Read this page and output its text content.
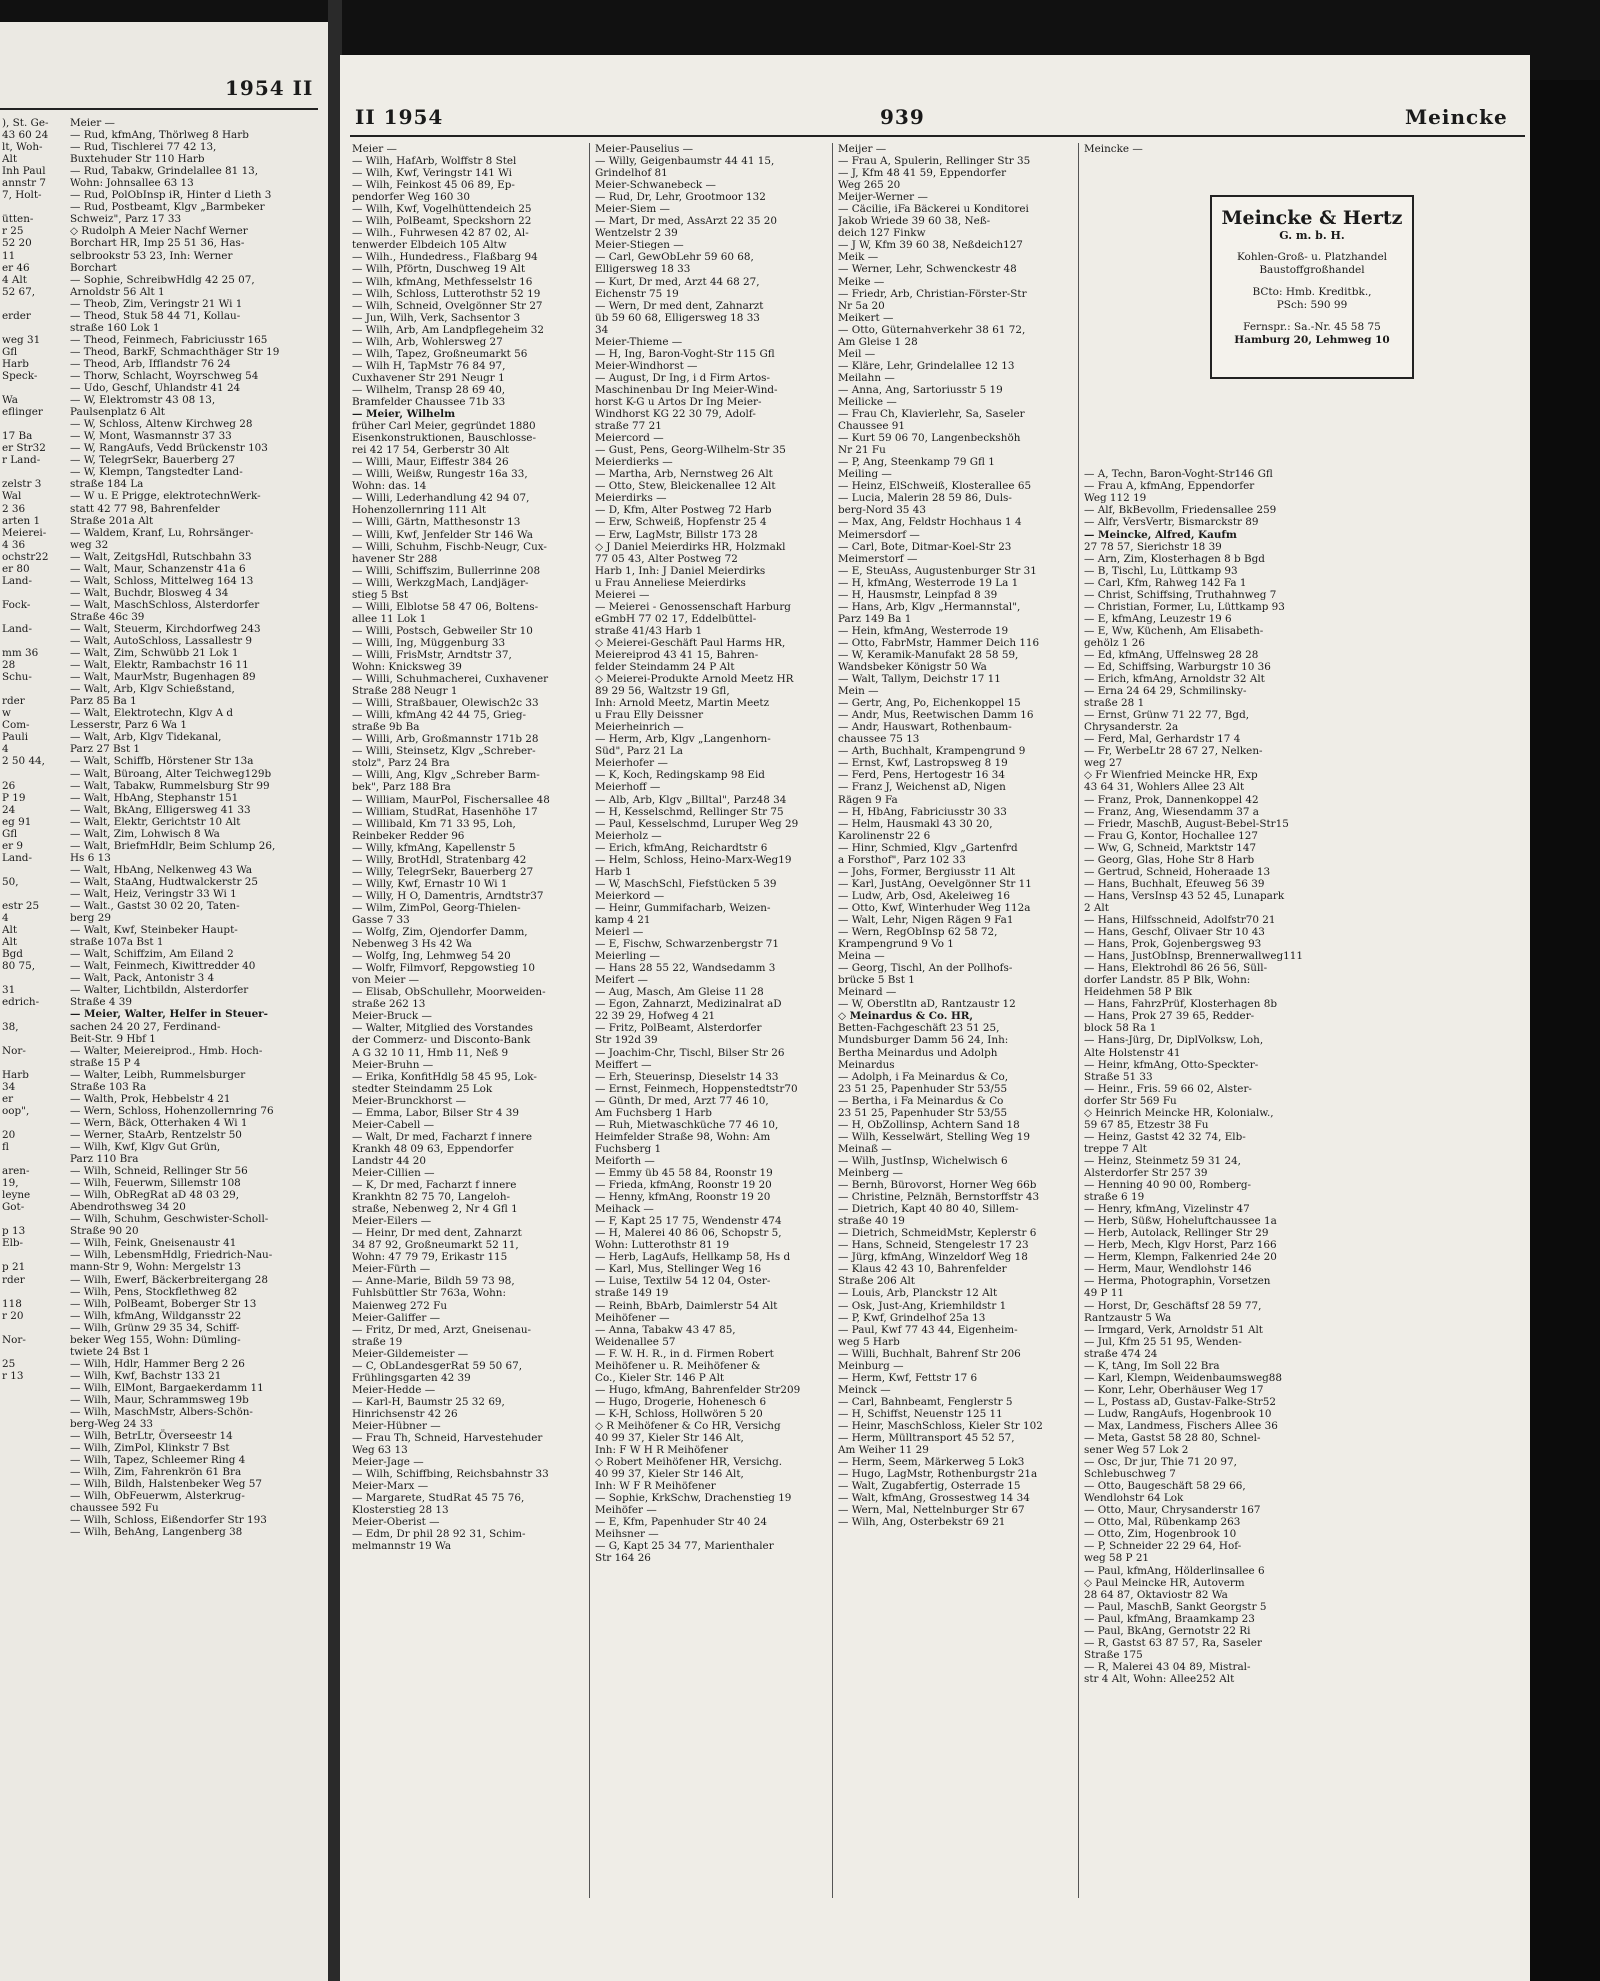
1954 II
), St. Ge-
43 60 24
lt, Woh-
Alt
Inh Paul
annstr 7
7, Holt-
ütten-
r 25
52 20
11
er 46
4 Alt
52 67,
erder
weg 31
Gfl
Harb
Speck-
Wa
eflinger
17 Ba
er Str32
r Land-
zelstr 3
Wal
2 36
arten 1
Meierei-
4 36
ochstr22
er 80
Land-
Fock-
Land-
mm 36
28
Schu-
rder
w
Com-
Pauli
4
2 50 44,
26
P 19
24
eg 91
Gfl
er 9
Land-
50,
estr 25
4
Alt
Alt
Bgd
80 75,
31
edrich-
38,
Nor-
Harb
34
er
oop",
20
fl
aren-
19,
leyne
Got-
p 13
Elb-
p 21
rder
118
r 20
Nor-
25
r 13
Meier —
— Rud, kfmAng, Thörlweg 8 Harb
— Rud, Tischlerei 77 42 13,
Buxtehuder Str 110 Harb
— Rud, Tabakw, Grindelallee 81 13,
Wohn: Johnsallee 63 13
— Rud, PolObInsp iR, Hinter d Lieth 3
— Rud, Postbeamt, Klgv „Barmbeker
Schweiz", Parz 17 33
◇ Rudolph A Meier Nachf Werner
Borchart HR, Imp 25 51 36, Has-
selbrookstr 53 23, Inh: Werner
Borchart
— Sophie, SchreibwHdlg 42 25 07,
Arnoldstr 56 Alt 1
— Theob, Zim, Veringstr 21 Wi 1
— Theod, Stuk 58 44 71, Kollau-
straße 160 Lok 1
— Theod, Feinmech, Fabriciusstr 165
— Theod, BarkF, Schmachthäger Str 19
— Theod, Arb, Ifflandstr 76 24
— Thorw, Schlacht, Woyrschweg 54
— Udo, Geschf, Uhlandstr 41 24
— W, Elektromstr 43 08 13,
Paulsenplatz 6 Alt
— W, Schloss, Altenw Kirchweg 28
— W, Mont, Wasmannstr 37 33
— W, RangAufs, Vedd Brückenstr 103
— W, TelegrSekr, Bauerberg 27
— W, Klempn, Tangstedter Land-
straße 184 La
— W u. E Prigge, elektrotechnWerk-
statt 42 77 98, Bahrenfelder
Straße 201a Alt
— Waldem, Kranf, Lu, Rohrsänger-
weg 32
— Walt, ZeitgsHdl, Rutschbahn 33
— Walt, Maur, Schanzenstr 41a 6
— Walt, Schloss, Mittelweg 164 13
— Walt, Buchdr, Blosweg 4 34
— Walt, MaschSchloss, Alsterdorfer
Straße 46c 39
— Walt, Steuerm, Kirchdorfweg 243
— Walt, AutoSchloss, Lassallestr 9
— Walt, Zim, Schwübb 21 Lok 1
— Walt, Elektr, Rambachstr 16 11
— Walt, MaurMstr, Bugenhagen 89
— Walt, Arb, Klgv Schießstand,
Parz 85 Ba 1
— Walt, Elektrotechn, Klgv A d
Lesserstr, Parz 6 Wa 1
— Walt, Arb, Klgv Tidekanal,
Parz 27 Bst 1
— Walt, Schiffb, Hörstener Str 13a
— Walt, Büroang, Alter Teichweg129b
— Walt, Tabakw, Rummelsburg Str 99
— Walt, HbAng, Stephanstr 151
— Walt, BkAng, Elligersweg 41 33
— Walt, Elektr, Gerichtstr 10 Alt
— Walt, Zim, Lohwisch 8 Wa
— Walt, BriefmHdlr, Beim Schlump 26,
Hs 6 13
— Walt, HbAng, Nelkenweg 43 Wa
— Walt, StaAng, Hudtwalckerstr 25
— Walt, Heiz, Veringstr 33 Wi 1
— Walt., Gastst 30 02 20, Taten-
berg 29
— Walt, Kwf, Steinbeker Haupt-
straße 107a Bst 1
— Walt, Schiffzim, Am Eiland 2
— Walt, Feinmech, Kiwittredder 40
— Walt, Pack, Antonistr 3 4
— Walter, Lichtbildn, Alsterdorfer
Straße 4 39
— Meier, Walter, Helfer in Steuer-
sachen 24 20 27, Ferdinand-
Beit-Str. 9 Hbf 1
— Walter, Meiereiprod., Hmb. Hoch-
straße 15 P 4
— Walter, Leibh, Rummelsburger
Straße 103 Ra
— Walth, Prok, Hebbelstr 4 21
— Wern, Schloss, Hohenzollernring 76
— Wern, Bäck, Otterhaken 4 Wi 1
— Werner, StaArb, Rentzelstr 50
— Wilh, Kwf, Klgv Gut Grün,
Parz 110 Bra
— Wilh, Schneid, Rellinger Str 56
— Wilh, Feuerwm, Sillemstr 108
— Wilh, ObRegRat aD 48 03 29,
Abendrothsweg 34 20
— Wilh, Schuhm, Geschwister-Scholl-
Straße 90 20
— Wilh, Feink, Gneisenaustr 41
— Wilh, LebensmHdlg, Friedrich-Nau-
mann-Str 9, Wohn: Mergelstr 13
— Wilh, Ewerf, Bäckerbreitergang 28
— Wilh, Pens, Stockflethweg 82
— Wilh, PolBeamt, Boberger Str 13
— Wilh, kfmAng, Wildgansstr 22
— Wilh, Grünw 29 35 34, Schiff-
beker Weg 155, Wohn: Dümling-
twiete 24 Bst 1
— Wilh, Hdlr, Hammer Berg 2 26
— Wilh, Kwf, Bachstr 133 21
— Wilh, ElMont, Bargaekerdamm 11
— Wilh, Maur, Schrammsweg 19b
— Wilh, MaschMstr, Albers-Schön-
berg-Weg 24 33
— Wilh, BetrLtr, Överseestr 14
— Wilh, ZimPol, Klinkstr 7 Bst
— Wilh, Tapez, Schleemer Ring 4
— Wilh, Zim, Fahrenkrön 61 Bra
— Wilh, Bildh, Halstenbeker Weg 57
— Wilh, ObFeuerwm, Alsterkrug-
chaussee 592 Fu
— Wilh, Schloss, Eißendorfer Str 193
— Wilh, BehAng, Langenberg 38
II 1954	939	Meincke
Meier —
— Wilh, HafArb, Wolffstr 8 Stel
— Wilh, Kwf, Veringstr 141 Wi
— Wilh, Feinkost 45 06 89, Ep-
pendorfer Weg 160 30
— Wilh, Kwf, Vogelhüttendeich 25
— Wilh, PolBeamt, Speckshorn 22
— Wilh., Fuhrwesen 42 87 02, Al-
tenwerder Elbdeich 105 Altw
— Wilh., Hundedress., Flaßbarg 94
— Wilh, Pförtn, Duschweg 19 Alt
— Wilh, kfmAng, Methfesselstr 16
— Wilh, Schloss, Lutterothstr 52 19
— Wilh, Schneid, Ovelgönner Str 27
— Jun, Wilh, Verk, Sachsentor 3
— Wilh, Arb, Am Landpflegeheim 32
— Wilh, Arb, Wohlersweg 27
— Wilh, Tapez, Großneumarkt 56
— Wilh H, TapMstr 76 84 97,
Cuxhavener Str 291 Neugr 1
— Wilhelm, Transp 28 69 40,
Bramfelder Chaussee 71b 33
— Meier, Wilhelm
früher Carl Meier, gegründet 1880
Eisenkonstruktionen, Bauschlosse-
rei 42 17 54, Gerberstr 30 Alt
— Willi, Maur, Eiffestr 384 26
— Willi, Weißw, Rungestr 16a 33,
Wohn: das. 14
— Willi, Lederhandlung 42 94 07,
Hohenzollernring 111 Alt
— Willi, Gärtn, Matthesonstr 13
— Willi, Kwf, Jenfelder Str 146 Wa
— Willi, Schuhm, Fischb-Neugr, Cux-
havener Str 288
— Willi, Schiffszim, Bullerrinne 208
— Willi, WerkzgMach, Landjäger-
stieg 5 Bst
— Willi, Elblotse 58 47 06, Boltens-
allee 11 Lok 1
— Willi, Postsch, Gebweiler Str 10
— Willi, Ing, Müggenburg 33
— Willi, FrisMstr, Arndtstr 37,
Wohn: Knicksweg 39
— Willi, Schuhmacherei, Cuxhavener
Straße 288 Neugr 1
— Willi, Straßbauer, Olewisch2c 33
— Willi, kfmAng 42 44 75, Grieg-
straße 9b Ba
— Willi, Arb, Großmannstr 171b 28
— Willi, Steinsetz, Klgv „Schreber-
stolz", Parz 24 Bra
— Willi, Ang, Klgv „Schreber Barm-
bek", Parz 188 Bra
— William, MaurPol, Fischersallee 48
— William, StudRat, Hasenhöhe 17
— Willibald, Km 71 33 95, Loh,
Reinbeker Redder 96
— Willy, kfmAng, Kapellenstr 5
— Willy, BrotHdl, Stratenbarg 42
— Willy, TelegrSekr, Bauerberg 27
— Willy, Kwf, Ernastr 10 Wi 1
— Willy, H O, Damentris, Arndtstr37
— Wilm, ZimPol, Georg-Thielen-
Gasse 7 33
— Wolfg, Zim, Ojendorfer Damm,
Nebenweg 3 Hs 42 Wa
— Wolfg, Ing, Lehmweg 54 20
— Wolfr, Filmvorf, Repgowstieg 10
von Meier —
— Elisab, ObSchullehr, Moorweiden-
straße 262 13
Meier-Bruck —
— Walter, Mitglied des Vorstandes
der Commerz- und Disconto-Bank
A G 32 10 11, Hmb 11, Neß 9
Meier-Bruhn —
— Erika, KonfitHdlg 58 45 95, Lok-
stedter Steindamm 25 Lok
Meier-Brunckhorst —
— Emma, Labor, Bilser Str 4 39
Meier-Cabell —
— Walt, Dr med, Facharzt f innere
Krankh 48 09 63, Eppendorfer
Landstr 44 20
Meier-Cillien —
— K, Dr med, Facharzt f innere
Krankhtn 82 75 70, Langeloh-
straße, Nebenweg 2, Nr 4 Gfl 1
Meier-Eilers —
— Heinr, Dr med dent, Zahnarzt
34 87 92, Großneumarkt 52 11,
Wohn: 47 79 79, Erikastr 115
Meier-Fürth —
— Anne-Marie, Bildh 59 73 98,
Fuhlsbüttler Str 763a, Wohn:
Maienweg 272 Fu
Meier-Galiffer —
— Fritz, Dr med, Arzt, Gneisenau-
straße 19
Meier-Gildemeister —
— C, ObLandesgerRat 59 50 67,
Frühlingsgarten 42 39
Meier-Hedde —
— Karl-H, Baumstr 25 32 69,
Hinrichsenstr 42 26
Meier-Hübner —
— Frau Th, Schneid, Harvestehuder
Weg 63 13
Meier-Jage —
— Wilh, Schiffbing, Reichsbahnstr 33
Meier-Marx —
— Margarete, StudRat 45 75 76,
Klosterstieg 28 13
Meier-Oberist —
— Edm, Dr phil 28 92 31, Schim-
melmannstr 19 Wa
Meier-Pauselius —
— Willy, Geigenbaumstr 44 41 15,
Grindelhof 81
Meier-Schwanebeck —
— Rud, Dr, Lehr, Grootmoor 132
Meier-Siem —
— Mart, Dr med, AssArzt 22 35 20
Wentzelstr 2 39
Meier-Stiegen —
— Carl, GewObLehr 59 60 68,
Elligersweg 18 33
— Kurt, Dr med, Arzt 44 68 27,
Eichenstr 75 19
— Wern, Dr med dent, Zahnarzt
üb 59 60 68, Elligersweg 18 33
34
Meier-Thieme —
— H, Ing, Baron-Voght-Str 115 Gfl
Meier-Windhorst —
— August, Dr Ing, i d Firm Artos-
Maschinenbau Dr Ing Meier-Wind-
horst K-G u Artos Dr Ing Meier-
Windhorst KG 22 30 79, Adolf-
straße 77 21
Meiercord —
— Gust, Pens, Georg-Wilhelm-Str 35
Meierdierks —
— Martha, Arb, Nernstweg 26 Alt
— Otto, Stew, Bleickenallee 12 Alt
Meierdirks —
— D, Kfm, Alter Postweg 72 Harb
— Erw, Schweiß, Hopfenstr 25 4
— Erw, LagMstr, Billstr 173 28
◇ J Daniel Meierdirks HR, Holzmakl
77 05 43, Alter Postweg 72
Harb 1, Inh: J Daniel Meierdirks
u Frau Anneliese Meierdirks
Meierei —
— Meierei - Genossenschaft Harburg
eGmbH 77 02 17, Eddelbüttel-
straße 41/43 Harb 1
◇ Meierei-Geschäft Paul Harms HR,
Meiereiprod 43 41 15, Bahren-
felder Steindamm 24 P Alt
◇ Meierei-Produkte Arnold Meetz HR
89 29 56, Waltzstr 19 Gfl,
Inh: Arnold Meetz, Martin Meetz
u Frau Elly Deissner
Meierheinrich —
— Herm, Arb, Klgv „Langenhorn-
Süd", Parz 21 La
Meierhofer —
— K, Koch, Redingskamp 98 Eid
Meierhoff —
— Alb, Arb, Klgv „Billtal", Parz48 34
— H, Kesselschmd, Rellinger Str 75
— Paul, Kesselschmd, Luruper Weg 29
Meierholz —
— Erich, kfmAng, Reichardtstr 6
— Helm, Schloss, Heino-Marx-Weg19
Harb 1
— W, MaschSchl, Fiefstücken 5 39
Meierkord —
— Heinr, Gummifacharb, Weizen-
kamp 4 21
Meierl —
— E, Fischw, Schwarzenbergstr 71
Meierling —
— Hans 28 55 22, Wandsedamm 3
Meifert —
— Aug, Masch, Am Gleise 11 28
— Egon, Zahnarzt, Medizinalrat aD
22 39 29, Hofweg 4 21
— Fritz, PolBeamt, Alsterdorfer
Str 192d 39
— Joachim-Chr, Tischl, Bilser Str 26
Meiffert —
— Erh, Steuerinsp, Dieselstr 14 33
— Ernst, Feinmech, Hoppenstedtstr70
— Günth, Dr med, Arzt 77 46 10,
Am Fuchsberg 1 Harb
— Ruh, Mietwaschküche 77 46 10,
Heimfelder Straße 98, Wohn: Am
Fuchsberg 1
Meiforth —
— Emmy üb 45 58 84, Roonstr 19
— Frieda, kfmAng, Roonstr 19 20
— Henny, kfmAng, Roonstr 19 20
Meihack —
— F, Kapt 25 17 75, Wendenstr 474
— H, Malerei 40 86 06, Schopstr 5,
Wohn: Lutterothstr 81 19
— Herb, LagAufs, Hellkamp 58, Hs d
— Karl, Mus, Stellinger Weg 16
— Luise, Textilw 54 12 04, Oster-
straße 149 19
— Reinh, BbArb, Daimlerstr 54 Alt
Meihöfener —
— Anna, Tabakw 43 47 85,
Weidenallee 57
— F. W. H. R., in d. Firmen Robert
Meihöfener u. R. Meihöfener &
Co., Kieler Str. 146 P Alt
— Hugo, kfmAng, Bahrenfelder Str209
— Hugo, Drogerie, Hohenesch 6
— K-H, Schloss, Hollwören 5 20
◇ R Meihöfener & Co HR, Versichg
40 99 37, Kieler Str 146 Alt,
Inh: F W H R Meihöfener
◇ Robert Meihöfener HR, Versichg.
40 99 37, Kieler Str 146 Alt,
Inh: W F R Meihöfener
— Sophie, KrkSchw, Drachenstieg 19
Meihöfer —
— E, Kfm, Papenhuder Str 40 24
Meihsner —
— G, Kapt 25 34 77, Marienthaler
Str 164 26
Meijer —
— Frau A, Spulerin, Rellinger Str 35
— J, Kfm 48 41 59, Eppendorfer
Weg 265 20
Meijer-Werner —
— Cäcilie, iFa Bäckerei u Konditorei
Jakob Wriede 39 60 38, Neß-
deich 127 Finkw
— J W, Kfm 39 60 38, Neßdeich127
Meik —
— Werner, Lehr, Schwenckestr 48
Meike —
— Friedr, Arb, Christian-Förster-Str
Nr 5a 20
Meikert —
— Otto, Güternahverkehr 38 61 72,
Am Gleise 1 28
Meil —
— Kläre, Lehr, Grindelallee 12 13
Meilahn —
— Anna, Ang, Sartoriusstr 5 19
Meilicke —
— Frau Ch, Klavierlehr, Sa, Saseler
Chaussee 91
— Kurt 59 06 70, Langenbeckshöh
Nr 21 Fu
— P, Ang, Steenkamp 79 Gfl 1
Meiling —
— Heinz, ElSchweiß, Klosterallee 65
— Lucia, Malerin 28 59 86, Duls-
berg-Nord 35 43
— Max, Ang, Feldstr Hochhaus 1 4
Meimersdorf —
— Carl, Bote, Ditmar-Koel-Str 23
Meimerstorf —
— E, SteuAss, Augustenburger Str 31
— H, kfmAng, Westerrode 19 La 1
— H, Hausmstr, Leinpfad 8 39
— Hans, Arb, Klgv „Hermannstal",
Parz 149 Ba 1
— Hein, kfmAng, Westerrode 19
— Otto, FabrMstr, Hammer Deich 116
— W, Keramik-Manufakt 28 58 59,
Wandsbeker Königstr 50 Wa
— Walt, Tallym, Deichstr 17 11
Mein —
— Gertr, Ang, Po, Eichenkoppel 15
— Andr, Mus, Reetwischen Damm 16
— Andr, Hauswart, Rothenbaum-
chaussee 75 13
— Arth, Buchhalt, Krampengrund 9
— Ernst, Kwf, Lastropsweg 8 19
— Ferd, Pens, Hertogestr 16 34
— Franz J, Weichenst aD, Nigen
Rägen 9 Fa
— H, HbAng, Fabriciusstr 30 33
— Helm, Hausmakl 43 30 20,
Karolinenstr 22 6
— Hinr, Schmied, Klgv „Gartenfrd
a Forsthof", Parz 102 33
— Johs, Former, Bergiusstr 11 Alt
— Karl, JustAng, Oevelgönner Str 11
— Ludw, Arb, Osd, Akeleiweg 16
— Otto, Kwf, Winterhuder Weg 112a
— Walt, Lehr, Nigen Rägen 9 Fa1
— Wern, RegObInsp 62 58 72,
Krampengrund 9 Vo 1
Meina —
— Georg, Tischl, An der Pollhofs-
brücke 5 Bst 1
Meinard —
— W, Oberstltn aD, Rantzaustr 12
◇ Meinardus & Co. HR,
Betten-Fachgeschäft 23 51 25,
Mundsburger Damm 56 24, Inh:
Bertha Meinardus und Adolph
Meinardus
— Adolph, i Fa Meinardus & Co,
23 51 25, Papenhuder Str 53/55
— Bertha, i Fa Meinardus & Co
23 51 25, Papenhuder Str 53/55
— H, ObZollinsp, Achtern Sand 18
— Wilh, Kesselwärt, Stelling Weg 19
Meinaß —
— Wilh, JustInsp, Wichelwisch 6
Meinberg —
— Bernh, Bürovorst, Horner Weg 66b
— Christine, Pelznäh, Bernstorffstr 43
— Dietrich, Kapt 40 80 40, Sillem-
straße 40 19
— Dietrich, SchmeidMstr, Keplerstr 6
— Hans, Schneid, Stengelestr 17 23
— Jürg, kfmAng, Winzeldorf Weg 18
— Klaus 42 43 10, Bahrenfelder
Straße 206 Alt
— Louis, Arb, Planckstr 12 Alt
— Osk, Just-Ang, Kriemhildstr 1
— P, Kwf, Grindelhof 25a 13
— Paul, Kwf 77 43 44, Eigenheim-
weg 5 Harb
— Willi, Buchhalt, Bahrenf Str 206
Meinburg —
— Herm, Kwf, Fettstr 17 6
Meinck —
— Carl, Bahnbeamt, Fenglerstr 5
— H, Schiffst, Neuenstr 125 11
— Heinr, MaschSchloss, Kieler Str 102
— Herm, Mülltransport 45 52 57,
Am Weiher 11 29
— Herm, Seem, Märkerweg 5 Lok3
— Hugo, LagMstr, Rothenburgstr 21a
— Walt, Zugabfertig, Osterrade 15
— Walt, kfmAng, Grossestweg 14 34
— Wern, Mal, Nettelnburger Str 67
— Wilh, Ang, Osterbekstr 69 21
Meincke —
— A, Techn, Baron-Voght-Str146 Gfl
— Frau A, kfmAng, Eppendorfer
Weg 112 19
— Alf, BkBevollm, Friedensallee 259
— Alfr, VersVertr, Bismarckstr 89
— Meincke, Alfred, Kaufm
27 78 57, Sierichstr 18 39
— Arn, Zim, Klosterhagen 8 b Bgd
— B, Tischl, Lu, Lüttkamp 93
— Carl, Kfm, Rahweg 142 Fa 1
— Christ, Schiffsing, Truthahnweg 7
— Christian, Former, Lu, Lüttkamp 93
— E, kfmAng, Leuzestr 19 6
— E, Ww, Küchenh, Am Elisabeth-
gehölz 1 26
— Ed, kfmAng, Uffelnsweg 28 28
— Ed, Schiffsing, Warburgstr 10 36
— Erich, kfmAng, Arnoldstr 32 Alt
— Erna 24 64 29, Schmilinsky-
straße 28 1
— Ernst, Grünw 71 22 77, Bgd,
Chrysanderstr. 2a
— Ferd, Mal, Gerhardstr 17 4
— Fr, WerbeLtr 28 67 27, Nelken-
weg 27
◇ Fr Wienfried Meincke HR, Exp
43 64 31, Wohlers Allee 23 Alt
— Franz, Prok, Dannenkoppel 42
— Franz, Ang, Wiesendamm 37 a
— Friedr, MaschB, August-Bebel-Str15
— Frau G, Kontor, Hochallee 127
— Ww, G, Schneid, Marktstr 147
— Georg, Glas, Hohe Str 8 Harb
— Gertrud, Schneid, Hoheraade 13
— Hans, Buchhalt, Efeuweg 56 39
— Hans, VersInsp 43 52 45, Lunapark
2 Alt
— Hans, Hilfsschneid, Adolfstr70 21
— Hans, Geschf, Olivaer Str 10 43
— Hans, Prok, Gojenbergsweg 93
— Hans, JustObInsp, Brennerwallweg111
— Hans, Elektrohdl 86 26 56, Süll-
dorfer Landstr. 85 P Blk, Wohn:
Heidehmen 58 P Blk
— Hans, FahrzPrüf, Klosterhagen 8b
— Hans, Prok 27 39 65, Redder-
block 58 Ra 1
— Hans-Jürg, Dr, DiplVolksw, Loh,
Alte Holstenstr 41
— Heinr, kfmAng, Otto-Speckter-
Straße 51 33
— Heinr., Fris. 59 66 02, Alster-
dorfer Str 569 Fu
◇ Heinrich Meincke HR, Kolonialw.,
59 67 85, Etzestr 38 Fu
— Heinz, Gastst 42 32 74, Elb-
treppe 7 Alt
— Heinz, Steinmetz 59 31 24,
Alsterdorfer Str 257 39
— Henning 40 90 00, Romberg-
straße 6 19
— Henry, kfmAng, Vizelinstr 47
— Herb, Süßw, Hoheluftchaussee 1a
— Herb, Autolack, Rellinger Str 29
— Herb, Mech, Klgv Horst, Parz 166
— Herm, Klempn, Falkenried 24e 20
— Herm, Maur, Wendlohstr 146
— Herma, Photographin, Vorsetzen
49 P 11
— Horst, Dr, Geschäftsf 28 59 77,
Rantzaustr 5 Wa
— Irmgard, Verk, Arnoldstr 51 Alt
— Jul, Kfm 25 51 95, Wenden-
straße 474 24
— K, tAng, Im Soll 22 Bra
— Karl, Klempn, Weidenbaumsweg88
— Konr, Lehr, Oberhäuser Weg 17
— L, Postass aD, Gustav-Falke-Str52
— Ludw, RangAufs, Hogenbrook 10
— Max, Landmess, Fischers Allee 36
— Meta, Gastst 58 28 80, Schnel-
sener Weg 57 Lok 2
— Osc, Dr jur, Thie 71 20 97,
Schlebuschweg 7
— Otto, Baugeschäft 58 29 66,
Wendlohstr 64 Lok
— Otto, Maur, Chrysanderstr 167
— Otto, Mal, Rübenkamp 263
— Otto, Zim, Hogenbrook 10
— P, Schneider 22 29 64, Hof-
weg 58 P 21
— Paul, kfmAng, Hölderlinsallee 6
◇ Paul Meincke HR, Autoverm
28 64 87, Oktaviostr 82 Wa
— Paul, MaschB, Sankt Georgstr 5
— Paul, kfmAng, Braamkamp 23
— Paul, BkAng, Gernotstr 22 Ri
— R, Gastst 63 87 57, Ra, Saseler
Straße 175
— R, Malerei 43 04 89, Mistral-
str 4 Alt, Wohn: Allee252 Alt
Meincke & Hertz
G. m. b. H.
Kohlen-Groß- u. Platzhandel
Baustoffgroßhandel
BCto: Hmb. Kreditbk.,
PSch: 590 99
Fernspr.: Sa.-Nr. 45 58 75
Hamburg 20, Lehmweg 10
